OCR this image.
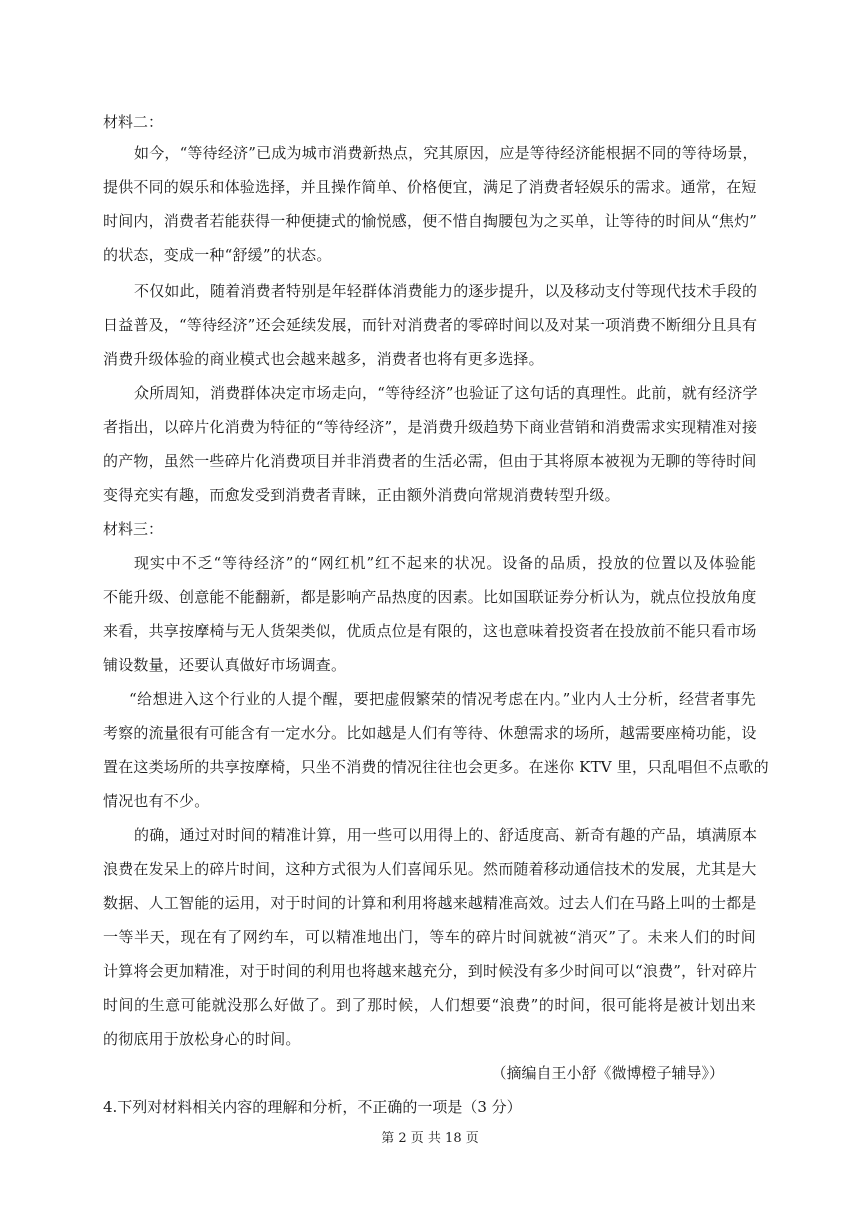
材料二：
如今，“等待经济”已成为城市消费新热点，究其原因，应是等待经济能根据不同的等待场景，
提供不同的娱乐和体验选择，并且操作简单、价格便宜，满足了消费者轻娱乐的需求。通常，在短
时间内，消费者若能获得一种便捷式的愉悦感，便不惜自掏腰包为之买单，让等待的时间从“焦灼”
的状态，变成一种“舒缓”的状态。
不仅如此，随着消费者特别是年轻群体消费能力的逐步提升，以及移动支付等现代技术手段的
日益普及，“等待经济”还会延续发展，而针对消费者的零碎时间以及对某一项消费不断细分且具有
消费升级体验的商业模式也会越来越多，消费者也将有更多选择。
众所周知，消费群体决定市场走向，“等待经济”也验证了这句话的真理性。此前，就有经济学
者指出，以碎片化消费为特征的“等待经济”，是消费升级趋势下商业营销和消费需求实现精准对接
的产物，虽然一些碎片化消费项目并非消费者的生活必需，但由于其将原本被视为无聊的等待时间
变得充实有趣，而愈发受到消费者青睐，正由额外消费向常规消费转型升级。
材料三：
现实中不乏“等待经济”的“网红机”红不起来的状况。设备的品质，投放的位置以及体验能
不能升级、创意能不能翻新，都是影响产品热度的因素。比如国联证券分析认为，就点位投放角度
来看，共享按摩椅与无人货架类似，优质点位是有限的，这也意味着投资者在投放前不能只看市场
铺设数量，还要认真做好市场调查。
“给想进入这个行业的人提个醒，要把虚假繁荣的情况考虑在内。”业内人士分析，经营者事先
考察的流量很有可能含有一定水分。比如越是人们有等待、休憩需求的场所，越需要座椅功能，设
置在这类场所的共享按摩椅，只坐不消费的情况往往也会更多。在迷你 KTV 里，只乱唱但不点歌的
情况也有不少。
的确，通过对时间的精准计算，用一些可以用得上的、舒适度高、新奇有趣的产品，填满原本
浪费在发呆上的碎片时间，这种方式很为人们喜闻乐见。然而随着移动通信技术的发展，尤其是大
数据、人工智能的运用，对于时间的计算和利用将越来越精准高效。过去人们在马路上叫的士都是
一等半天，现在有了网约车，可以精准地出门，等车的碎片时间就被“消灭”了。未来人们的时间
计算将会更加精准，对于时间的利用也将越来越充分，到时候没有多少时间可以“浪费”，针对碎片
时间的生意可能就没那么好做了。到了那时候，人们想要“浪费”的时间，很可能将是被计划出来
的彻底用于放松身心的时间。
（摘编自王小舒《微博橙子辅导》）
4.下列对材料相关内容的理解和分析，不正确的一项是（3 分）
第 2 页 共 18 页
